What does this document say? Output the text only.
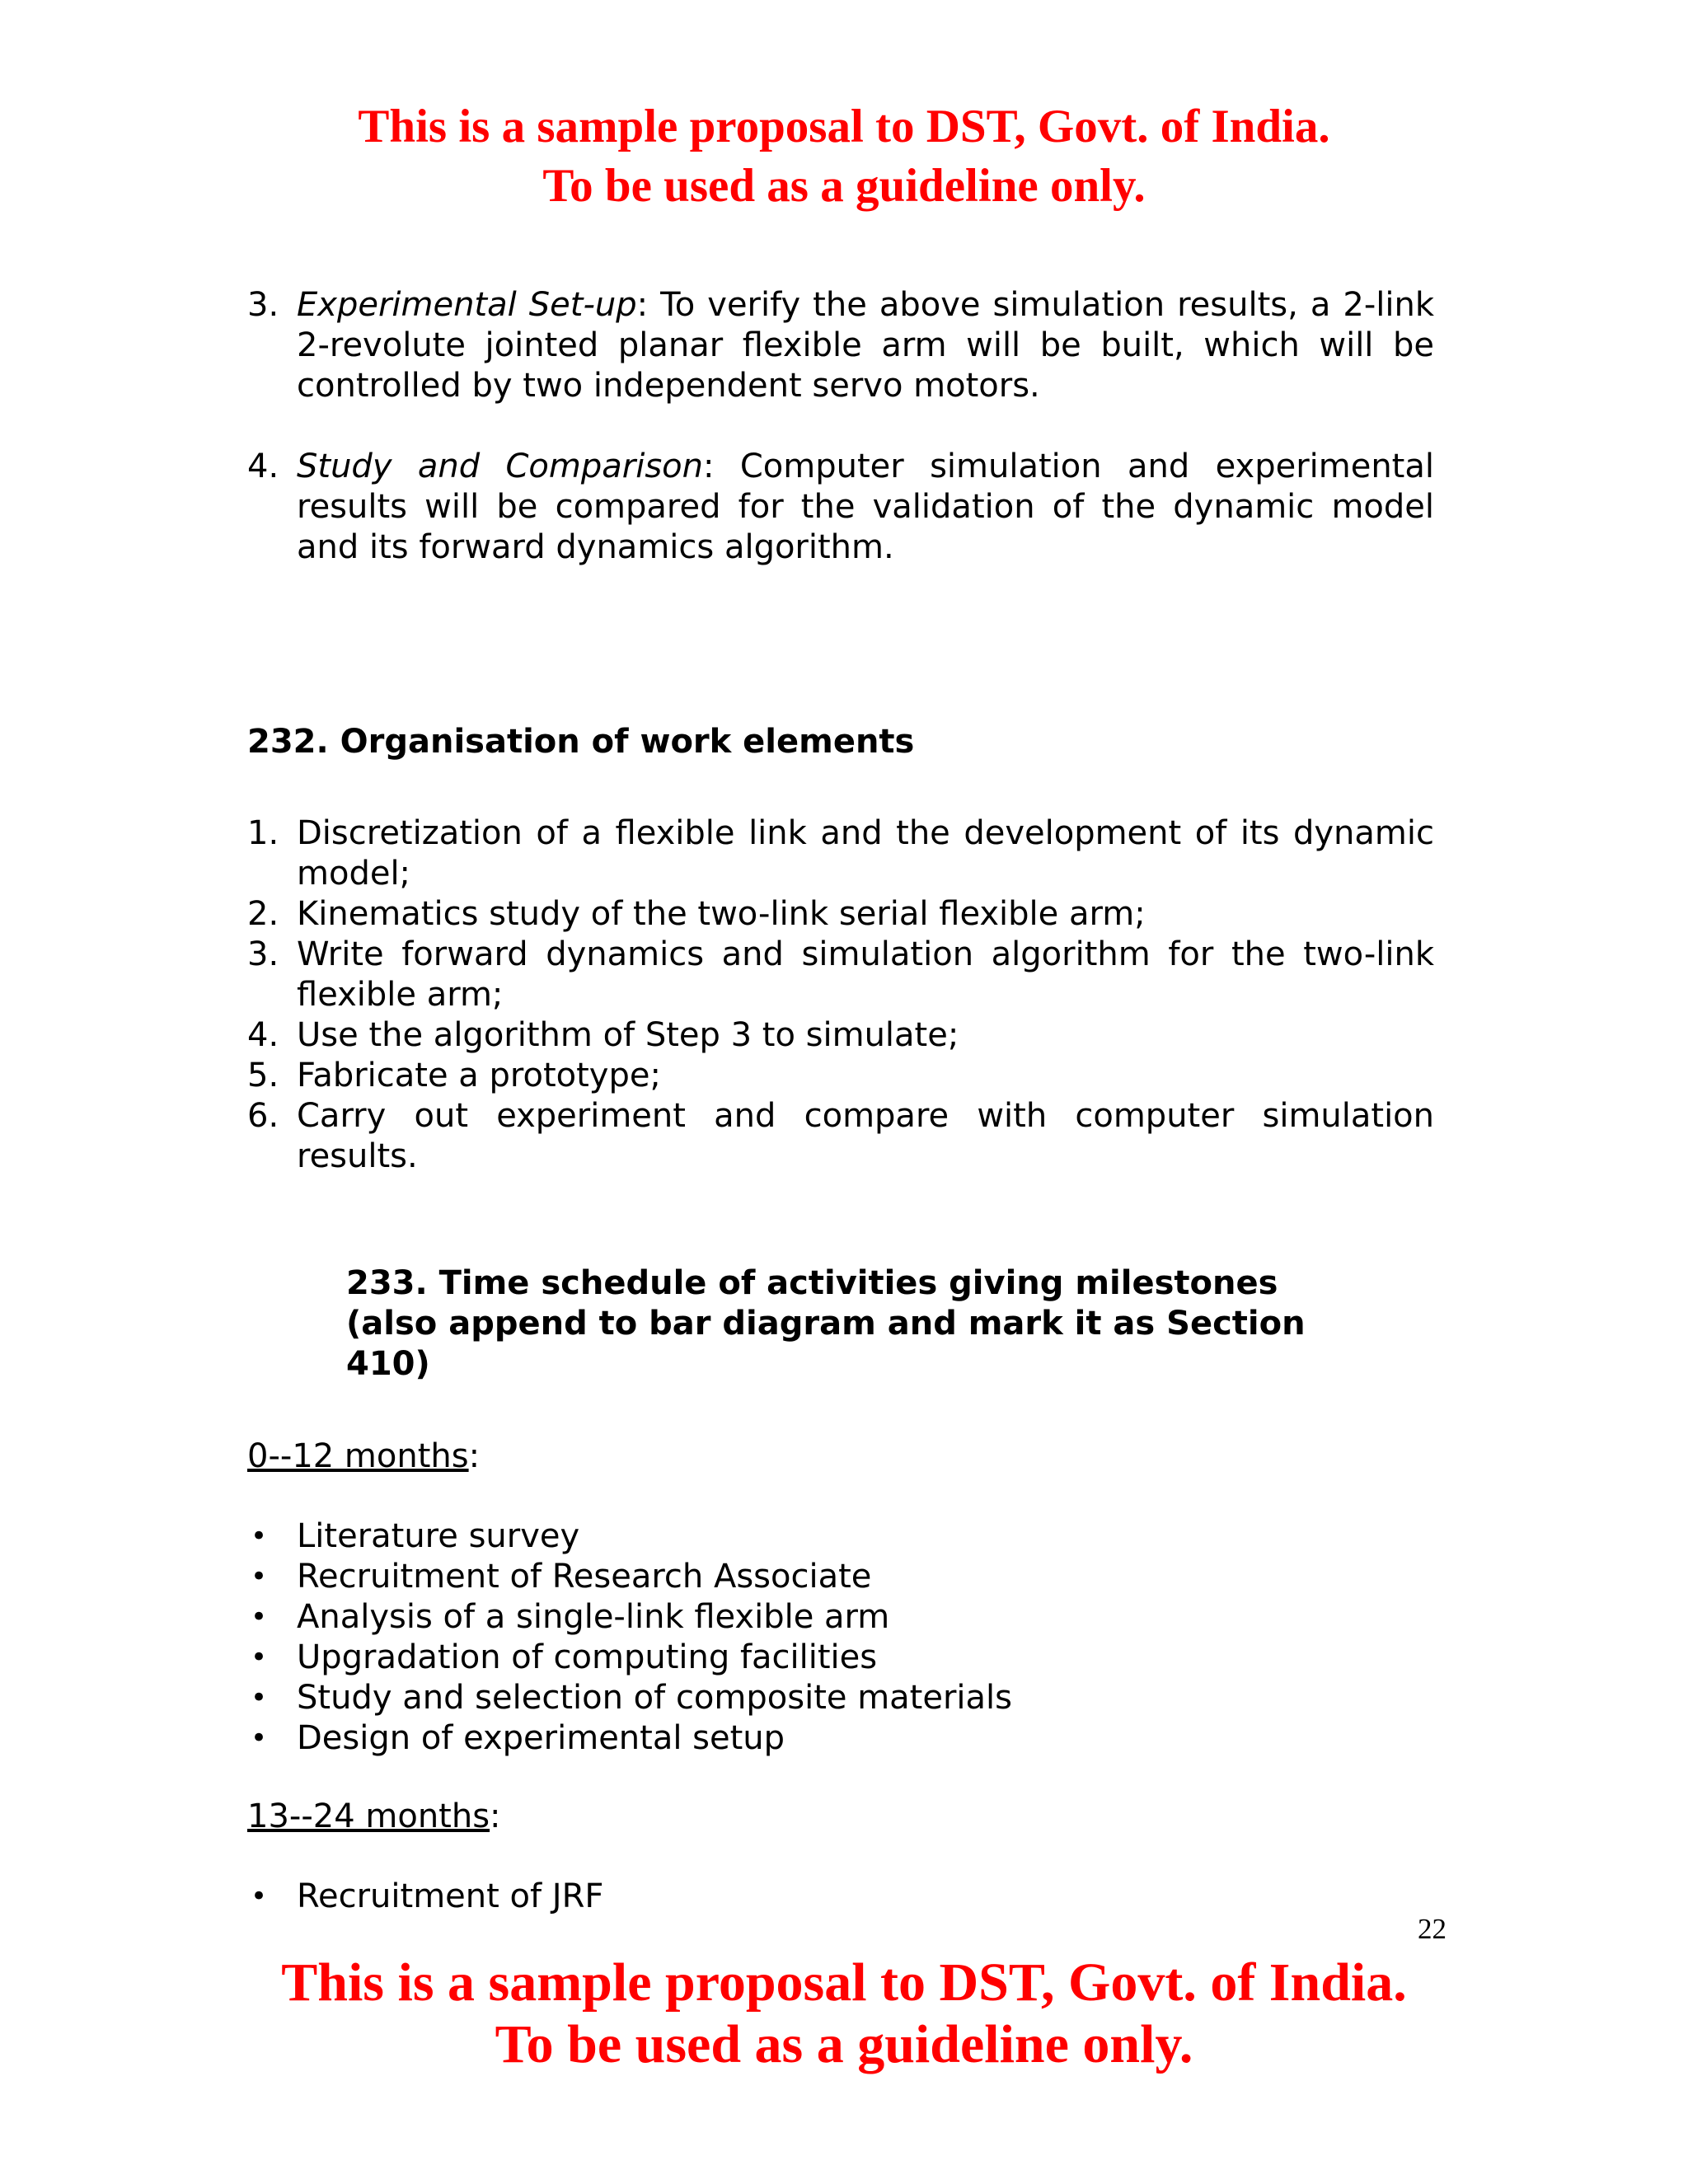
This is a sample proposal to DST, Govt. of India.
To be used as a guideline only.
3. Experimental Set-up: To verify the above simulation results, a 2-link 2-revolute jointed planar flexible arm will be built, which will be controlled by two independent servo motors.
4. Study and Comparison: Computer simulation and experimental results will be compared for the validation of the dynamic model and its forward dynamics algorithm.
232. Organisation of work elements
1. Discretization of a flexible link and the development of its dynamic model;
2. Kinematics study of the two-link serial flexible arm;
3. Write forward dynamics and simulation algorithm for the two-link flexible arm;
4. Use the algorithm of Step 3 to simulate;
5. Fabricate a prototype;
6. Carry out experiment and compare with computer simulation results.
233. Time schedule of activities giving milestones
(also append to bar diagram and mark it as Section
410)
0--12 months:
• Literature survey
• Recruitment of Research Associate
• Analysis of a single-link flexible arm
• Upgradation of computing facilities
• Study and selection of composite materials
• Design of experimental setup
13--24 months:
• Recruitment of JRF
22
This is a sample proposal to DST, Govt. of India.
To be used as a guideline only.
